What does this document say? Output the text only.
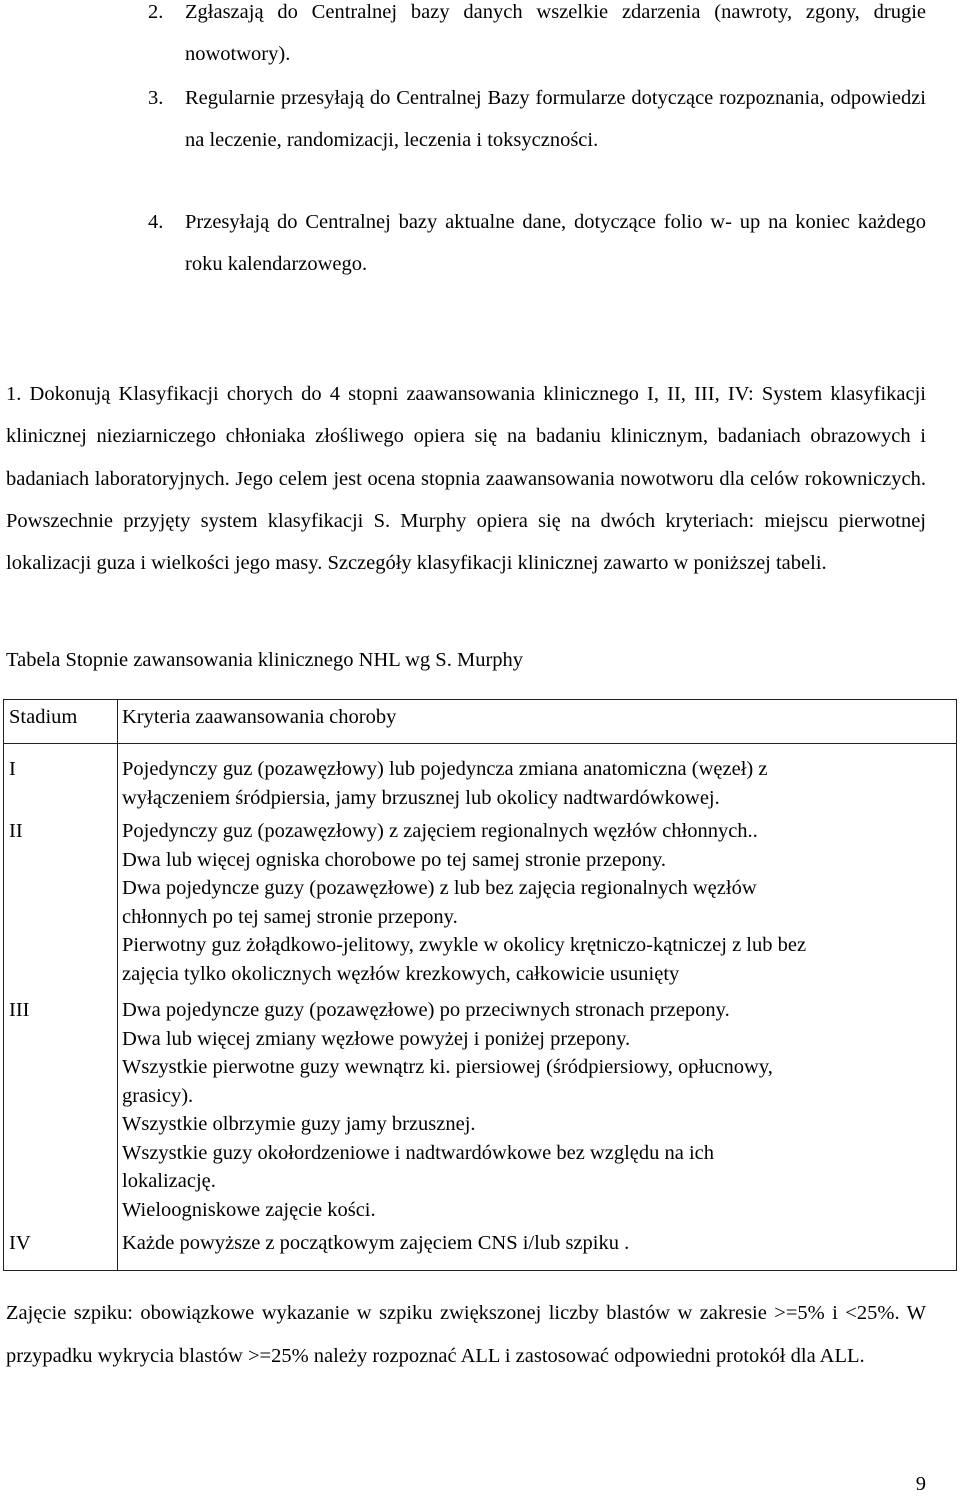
2. Zgłaszają do Centralnej bazy danych wszelkie zdarzenia (nawroty, zgony, drugie nowotwory).
3. Regularnie przesyłają do Centralnej Bazy formularze dotyczące rozpoznania, odpowiedzi na leczenie, randomizacji, leczenia i toksyczności.
4. Przesyłają do Centralnej bazy aktualne dane, dotyczące folio w- up na koniec każdego roku kalendarzowego.
1. Dokonują Klasyfikacji chorych do 4 stopni zaawansowania klinicznego I, II, III, IV: System klasyfikacji klinicznej nieziarniczego chłoniaka złośliwego opiera się na badaniu klinicznym, badaniach obrazowych i badaniach laboratoryjnych. Jego celem jest ocena stopnia zaawansowania nowotworu dla celów rokowniczych. Powszechnie przyjęty system klasyfikacji S. Murphy opiera się na dwóch kryteriach: miejscu pierwotnej lokalizacji guza i wielkości jego masy. Szczegóły klasyfikacji klinicznej zawarto w poniższej tabeli.
Tabela Stopnie zawansowania klinicznego NHL wg S. Murphy
Stadium Kryteria zaawansowania choroby
I	Pojedynczy guz (pozawęzłowy) lub pojedyncza zmiana anatomiczna (węzeł) z
wyłączeniem śródpiersia, jamy brzusznej lub okolicy nadtwardówkowej.
II	Pojedynczy guz (pozawęzłowy) z zajęciem regionalnych węzłów chłonnych..
Dwa lub więcej ogniska chorobowe po tej samej stronie przepony.
Dwa pojedyncze guzy (pozawęzłowe) z lub bez zajęcia regionalnych węzłów
chłonnych po tej samej stronie przepony.
Pierwotny guz żołądkowo-jelitowy, zwykle w okolicy krętniczo-kątniczej z lub bez
zajęcia tylko okolicznych węzłów krezkowych, całkowicie usunięty
III	Dwa pojedyncze guzy (pozawęzłowe) po przeciwnych stronach przepony.
Dwa lub więcej zmiany węzłowe powyżej i poniżej przepony.
Wszystkie pierwotne guzy wewnątrz ki. piersiowej (śródpiersiowy, opłucnowy,
grasicy).
Wszystkie olbrzymie guzy jamy brzusznej.
Wszystkie guzy okołordzeniowe i nadtwardówkowe bez względu na ich
lokalizację.
Wieloogniskowe zajęcie kości.
IV	Każde powyższe z początkowym zajęciem CNS i/lub szpiku .
Zajęcie szpiku: obowiązkowe wykazanie w szpiku zwiększonej liczby blastów w zakresie >=5% i <25%. W przypadku wykrycia blastów >=25% należy rozpoznać ALL i zastosować odpowiedni protokół dla ALL.
9
